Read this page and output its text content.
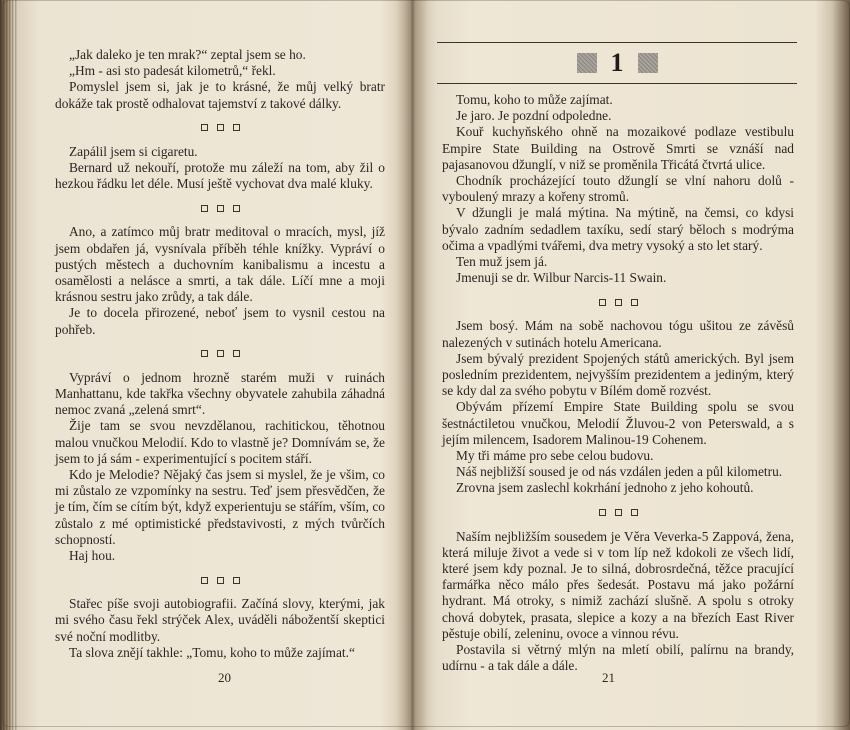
„Jak daleko je ten mrak?“ zeptal jsem se ho.

„Hm - asi sto padesát kilometrů,“ řekl.

Pomyslel jsem si, jak je to krásné, že můj velký bratr dokáže tak prostě odhalovat tajemství z takové dálky.

Zapálil jsem si cigaretu.

Bernard už nekouří, protože mu záleží na tom, aby žil o hezkou řádku let déle. Musí ještě vychovat dva malé kluky.

Ano, a zatímco můj bratr meditoval o mracích, mysl, jíž jsem obdařen já, vysnívala příběh téhle knížky. Vypráví o pustých městech a duchovním kanibalismu a incestu a osamělosti a nelásce a smrti, a tak dále. Líčí mne a moji krásnou sestru jako zrůdy, a tak dále.

Je to docela přirozené, neboť jsem to vysnil cestou na pohřeb.

Vypráví o jednom hrozně starém muži v ruinách Manhattanu, kde takřka všechny obyvatele zahubila záhadná nemoc zvaná „zelená smrt“.

Žije tam se svou nevzdělanou, rachitickou, těhotnou malou vnučkou Melodií. Kdo to vlastně je? Domnívám se, že jsem to já sám - experimentující s pocitem stáří.

Kdo je Melodie? Nějaký čas jsem si myslel, že je všim, co mi zůstalo ze vzpomínky na sestru. Teď jsem přesvědčen, že je tím, čím se cítím být, když experientuju se stářím, vším, co zůstalo z mé optimistické představivosti, z mých tvůrčích schopností.

Haj hou.

Stařec píše svoji autobiografii. Začíná slovy, kterými, jak mi svého času řekl strýček Alex, uváděli nábožentší skeptici své noční modlitby.

Ta slova znějí takhle: „Tomu, koho to může zajímat.“

20
1

Tomu, koho to může zajímat.

Je jaro. Je pozdní odpoledne.

Kouř kuchyňského ohně na mozaikové podlaze vestibulu Empire State Building na Ostrově Smrti se vznáší nad pajasanovou džunglí, v niž se proměnila Třicátá čtvrtá ulice.

Chodník procházející touto džunglí se vlní nahoru dolů - vyboulený mrazy a kořeny stromů.

V džungli je malá mýtina. Na mýtině, na čemsi, co kdysi bývalo zadním sedadlem taxíku, sedí starý běloch s modrýma očima a vpadlými tvářemi, dva metry vysoký a sto let starý.

Ten muž jsem já.

Jmenuji se dr. Wilbur Narcis-11 Swain.

Jsem bosý. Mám na sobě nachovou tógu ušitou ze závěsů nalezených v sutinách hotelu Americana.

Jsem bývalý prezident Spojených států amerických. Byl jsem posledním prezidentem, nejvyšším prezidentem a jediným, který se kdy dal za svého pobytu v Bílém domě rozvést.

Obývám přízemí Empire State Building spolu se svou šestnáctiletou vnučkou, Melodií Žluvou-2 von Peterswald, a s jejím milencem, Isadorem Malinou-19 Cohenem.

My tři máme pro sebe celou budovu.

Náš nejbližší soused je od nás vzdálen jeden a půl kilometru.

Zrovna jsem zaslechl kokrhání jednoho z jeho kohoutů.

Naším nejbližším sousedem je Věra Veverka-5 Zappová, žena, která miluje život a vede si v tom líp než kdokoli ze všech lidí, které jsem kdy poznal. Je to silná, dobrosrdečná, těžce pracující farmářka něco málo přes šedesát. Postavu má jako požární hydrant. Má otroky, s nimiž zachází slušně. A spolu s otroky chová dobytek, prasata, slepice a kozy a na březích East River pěstuje obilí, zeleninu, ovoce a vinnou révu.

Postavila si větrný mlýn na mletí obilí, palírnu na brandy, udírnu - a tak dále a dále.

21
